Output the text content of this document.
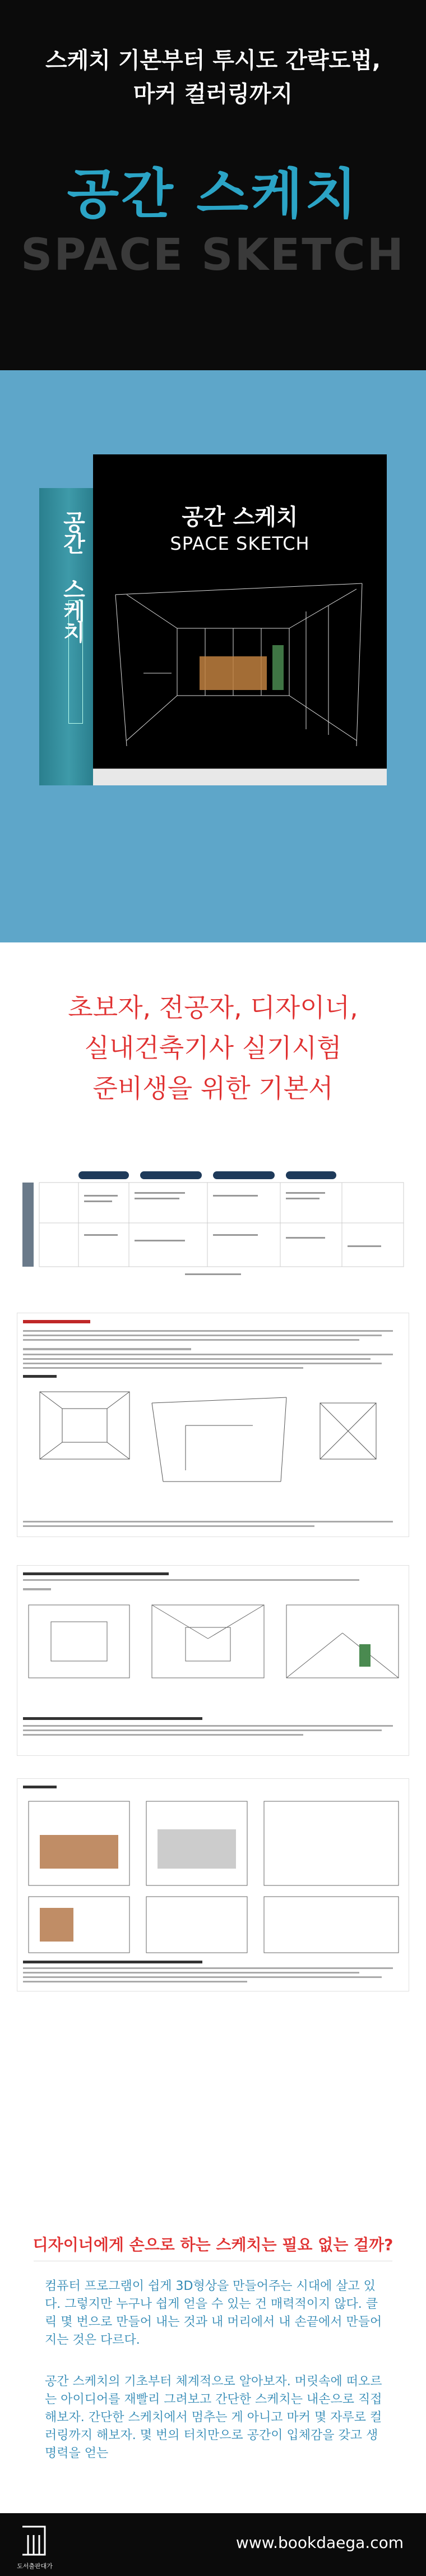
스케치 기본부터 투시도 간략도법,
마커 컬러링까지
공간 스케치
SPACE SKETCH
공간 스케치	공간 스케치
SPACE SKETCH
초보자, 전공자, 디자이너,
실내건축기사 실기시험
준비생을 위한 기본서
디자이너에게 손으로 하는 스케치는 필요 없는 걸까?
컴퓨터 프로그램이 쉽게 3D형상을 만들어주는 시대에 살고 있다. 그렇지만 누구나 쉽게 얻을 수 있는 건 매력적이지 않다. 클릭 몇 번으로 만들어 내는 것과 내 머리에서 내 손끝에서 만들어지는 것은 다르다.
공간 스케치의 기초부터 체계적으로 알아보자. 머릿속에 떠오르는 아이디어를 재빨리 그려보고 간단한 스케치는 내손으로 직접 해보자. 간단한 스케치에서 멈추는 게 아니고 마커 몇 자루로 컬러링까지 해보자. 몇 번의 터치만으로 공간이 입체감을 갖고 생명력을 얻는
도서출판대가
www.bookdaega.com
